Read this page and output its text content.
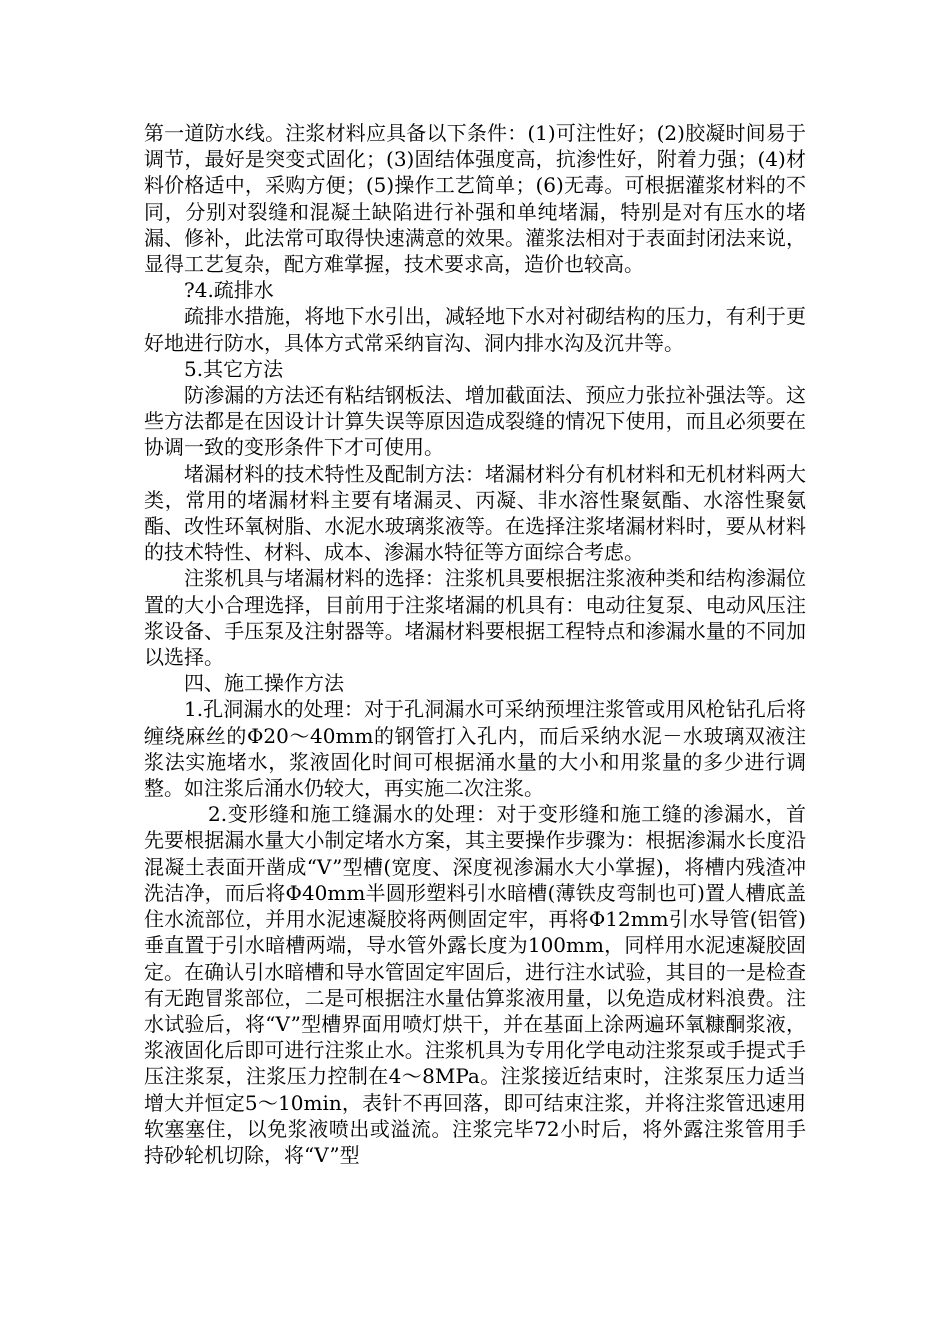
第一道防水线。注浆材料应具备以下条件：(1)可注性好；(2)胶凝时间易于调节，最好是突变式固化；(3)固结体强度高，抗渗性好，附着力强；(4)材料价格适中，采购方便；(5)操作工艺简单；(6)无毒。可根据灌浆材料的不同，分别对裂缝和混凝土缺陷进行补强和单纯堵漏，特别是对有压水的堵漏、修补，此法常可取得快速满意的效果。灌浆法相对于表面封闭法来说，显得工艺复杂，配方难掌握，技术要求高，造价也较高。

?4.疏排水

疏排水措施，将地下水引出，减轻地下水对衬砌结构的压力，有利于更好地进行防水，具体方式常采纳盲沟、洞内排水沟及沉井等。

5.其它方法

防渗漏的方法还有粘结钢板法、增加截面法、预应力张拉补强法等。这些方法都是在因设计计算失误等原因造成裂缝的情况下使用，而且必须要在协调一致的变形条件下才可使用。

堵漏材料的技术特性及配制方法：堵漏材料分有机材料和无机材料两大类，常用的堵漏材料主要有堵漏灵、丙凝、非水溶性聚氨酯、水溶性聚氨酯、改性环氧树脂、水泥水玻璃浆液等。在选择注浆堵漏材料时，要从材料的技术特性、材料、成本、渗漏水特征等方面综合考虑。

注浆机具与堵漏材料的选择：注浆机具要根据注浆液种类和结构渗漏位置的大小合理选择，目前用于注浆堵漏的机具有：电动往复泵、电动风压注浆设备、手压泵及注射器等。堵漏材料要根据工程特点和渗漏水量的不同加以选择。

四、施工操作方法

1.孔洞漏水的处理：对于孔洞漏水可采纳预埋注浆管或用风枪钻孔后将缠绕麻丝的Φ20～40mm的钢管打入孔内，而后采纳水泥－水玻璃双液注浆法实施堵水，浆液固化时间可根据涌水量的大小和用浆量的多少进行调整。如注浆后涌水仍较大，再实施二次注浆。

2.变形缝和施工缝漏水的处理：对于变形缝和施工缝的渗漏水，首先要根据漏水量大小制定堵水方案，其主要操作步骤为：根据渗漏水长度沿混凝土表面开凿成“V”型槽(宽度、深度视渗漏水大小掌握)，将槽内残渣冲洗洁净，而后将Φ40mm半圆形塑料引水暗槽(薄铁皮弯制也可)置人槽底盖住水流部位，并用水泥速凝胶将两侧固定牢，再将Φ12mm引水导管(铝管)垂直置于引水暗槽两端，导水管外露长度为100mm，同样用水泥速凝胶固定。在确认引水暗槽和导水管固定牢固后，进行注水试验，其目的一是检查有无跑冒浆部位，二是可根据注水量估算浆液用量，以免造成材料浪费。注水试验后，将“V”型槽界面用喷灯烘干，并在基面上涂两遍环氧糠酮浆液，浆液固化后即可进行注浆止水。注浆机具为专用化学电动注浆泵或手提式手压注浆泵，注浆压力控制在4～8MPa。注浆接近结束时，注浆泵压力适当增大并恒定5～10min，表针不再回落，即可结束注浆，并将注浆管迅速用软塞塞住，以免浆液喷出或溢流。注浆完毕72小时后，将外露注浆管用手持砂轮机切除，将“V”型
